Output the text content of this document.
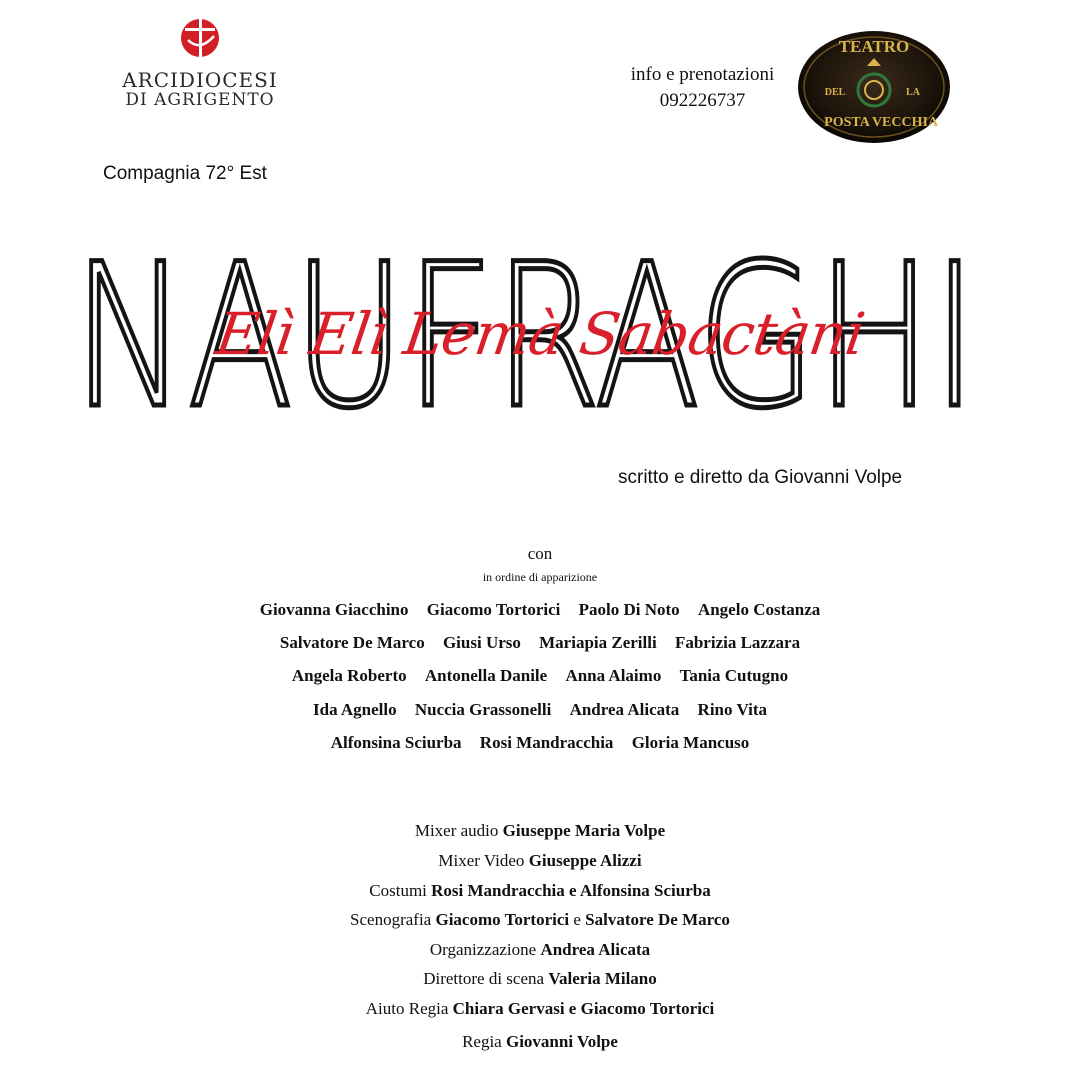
ARCIDIOCESI
DI AGRIGENTO
info e prenotazioni
092226737
TEATRO
DEL	LA
POSTA VECCHIA
Compagnia 72° Est
NAUFRAGHI
Elì Elì Lemà Sabactàni
scritto e diretto da Giovanni Volpe
con
in ordine di apparizione
Giovanna Giacchino Giacomo Tortorici Paolo Di Noto Angelo Costanza
Salvatore De Marco Giusi Urso Mariapia Zerilli Fabrizia Lazzara
Angela Roberto Antonella Danile Anna Alaimo Tania Cutugno
Ida Agnello Nuccia Grassonelli Andrea Alicata Rino Vita
Alfonsina Sciurba Rosi Mandracchia Gloria Mancuso
Mixer audio Giuseppe Maria Volpe
Mixer Video Giuseppe Alizzi
Costumi Rosi Mandracchia e Alfonsina Sciurba
Scenografia Giacomo Tortorici e Salvatore De Marco
Organizzazione Andrea Alicata
Direttore di scena Valeria Milano
Aiuto Regia Chiara Gervasi e Giacomo Tortorici
Regia Giovanni Volpe
